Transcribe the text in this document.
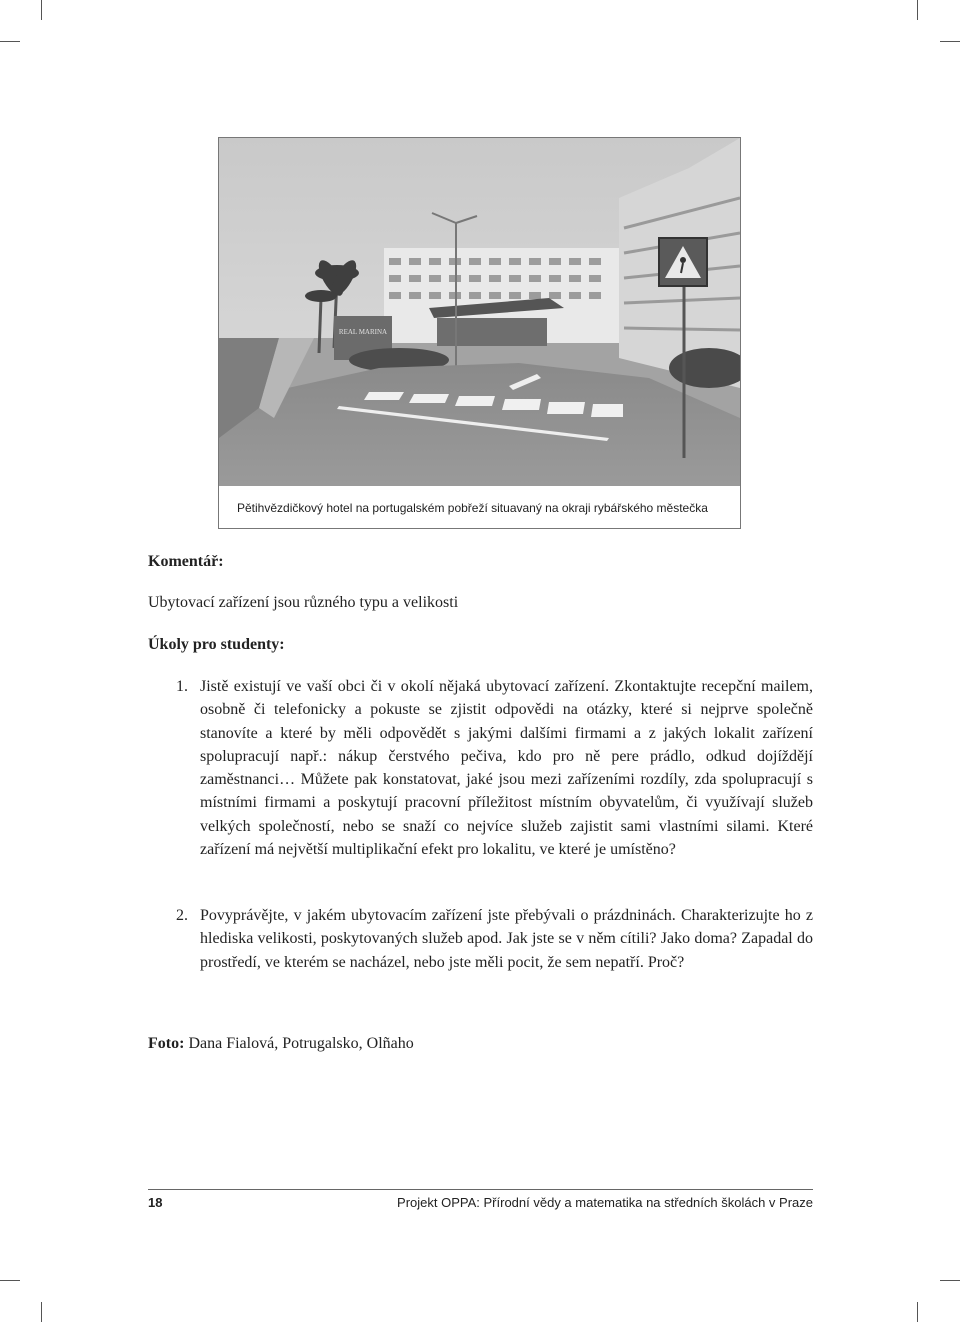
REAL MARINA
Pětihvězdičkový hotel na portugalském pobřeží situavaný na okraji rybářského městečka
Komentář:
Ubytovací zařízení jsou různého typu a velikosti
Úkoly pro studenty:
1. Jistě existují ve vaší obci či v okolí nějaká ubytovací zařízení. Zkontaktujte recepční mailem, osobně či telefonicky a pokuste se zjistit odpovědi na otázky, které si nejprve společně stanovíte a které by měli odpovědět s jakými dalšími firmami a z jakých lokalit zařízení spolupracují např.: nákup čerstvého pečiva, kdo pro ně pere prádlo, odkud dojíždějí zaměstnanci… Můžete pak konstatovat, jaké jsou mezi zařízeními rozdíly, zda spolupracují s místními firmami a poskytují pracovní příležitost místním obyvatelům, či využívají služeb velkých společností, nebo se snaží co nejvíce služeb zajistit sami vlastními silami. Které zařízení má největší multiplikační efekt pro lokalitu, ve které je umístěno?
2. Povyprávějte, v jakém ubytovacím zařízení jste přebývali o prázdninách. Charakterizujte ho z hlediska velikosti, poskytovaných služeb apod. Jak jste se v něm cítili? Jako doma? Zapadal do prostředí, ve kterém se nacházel, nebo jste měli pocit, že sem nepatří. Proč?
Foto: Dana Fialová, Potrugalsko, Olñaho
18	Projekt OPPA: Přírodní vědy a matematika na středních školách v Praze
